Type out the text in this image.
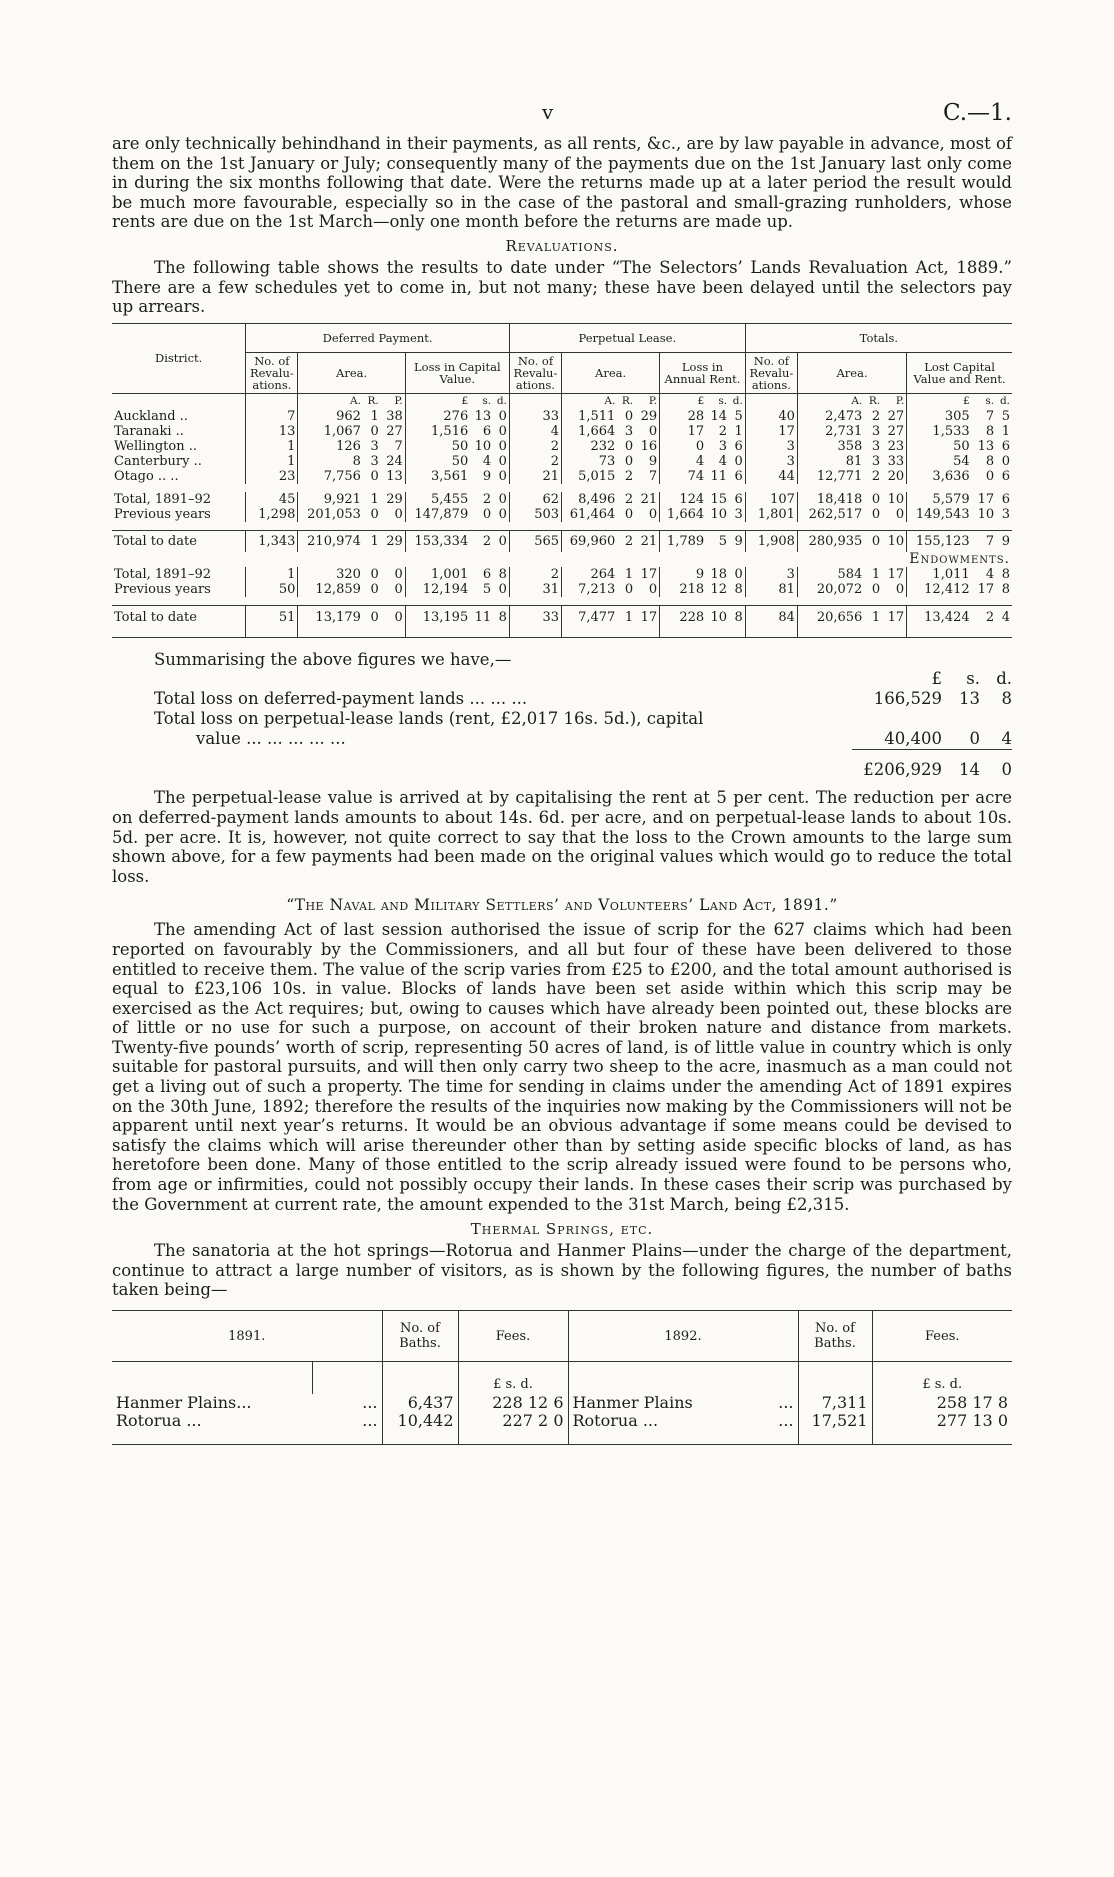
v	C.—1.

are only technically behindhand in their payments, as all rents, &c., are by law payable in advance, most of them on the 1st January or July; consequently many of the payments due on the 1st January last only come in during the six months following that date. Were the returns made up at a later period the result would be much more favourable, especially so in the case of the pastoral and small-grazing runholders, whose rents are due on the 1st March—only one month before the returns are made up.

Revaluations.

The following table shows the results to date under “The Selectors’ Lands Revaluation Act, 1889.” There are a few schedules yet to come in, but not many; these have been delayed until the selectors pay up arrears.

District.	Deferred Payment.							Perpetual Lease.							Totals.						
	No. of Revalu- ations.	Area.			Loss in Capital Value.			No. of Revalu- ations.	Area.			Loss in Annual Rent.			No. of Revalu- ations.	Area.			Lost Capital Value and Rent.		
		A.	R.	P.	£	s.	d.		A.	R.	P.	£	s.	d.		A.	R.	P.	£	s.	d.
Auckland ..	7	962	1	38	276	13	0	33	1,511	0	29	28	14	5	40	2,473	2	27	305	7	5
Taranaki ..	13	1,067	0	27	1,516	6	0	4	1,664	3	0	17	2	1	17	2,731	3	27	1,533	8	1
Wellington ..	1	126	3	7	50	10	0	2	232	0	16	0	3	6	3	358	3	23	50	13	6
Canterbury ..	1	8	3	24	50	4	0	2	73	0	9	4	4	0	3	81	3	33	54	8	0
Otago .. ..	23	7,756	0	13	3,561	9	0	21	5,015	2	7	74	11	6	44	12,771	2	20	3,636	0	6

Total, 1891–92	45	9,921	1	29	5,455	2	0	62	8,496	2	21	124	15	6	107	18,418	0	10	5,579	17	6
Previous years	1,298	201,053	0	0	147,879	0	0	503	61,464	0	0	1,664	10	3	1,801	262,517	0	0	149,543	10	3

Total to date	1,343	210,974	1	29	153,334	2	0	565	69,960	2	21	1,789	5	9	1,908	280,935	0	10	155,123	7	9
Endowments.																					
Total, 1891–92	1	320	0	0	1,001	6	8	2	264	1	17	9	18	0	3	584	1	17	1,011	4	8
Previous years	50	12,859	0	0	12,194	5	0	31	7,213	0	0	218	12	8	81	20,072	0	0	12,412	17	8

Total to date	51	13,179	0	0	13,195	11	8	33	7,477	1	17	228	10	8	84	20,656	1	17	13,424	2	4

Summarising the above figures we have,—

£	s. d.
Total loss on deferred-payment lands ... ... ...	166,529	13	8
Total loss on perpetual-lease lands (rent, £2,017 16s. 5d.), capital
value ... ... ... ... ...	40,400	0	4
£206,929	14	0

The perpetual-lease value is arrived at by capitalising the rent at 5 per cent. The reduction per acre on deferred-payment lands amounts to about 14s. 6d. per acre, and on perpetual-lease lands to about 10s. 5d. per acre. It is, however, not quite correct to say that the loss to the Crown amounts to the large sum shown above, for a few payments had been made on the original values which would go to reduce the total loss.

“The Naval and Military Settlers’ and Volunteers’ Land Act, 1891.”

The amending Act of last session authorised the issue of scrip for the 627 claims which had been reported on favourably by the Commissioners, and all but four of these have been delivered to those entitled to receive them. The value of the scrip varies from £25 to £200, and the total amount authorised is equal to £23,106 10s. in value. Blocks of lands have been set aside within which this scrip may be exercised as the Act requires; but, owing to causes which have already been pointed out, these blocks are of little or no use for such a purpose, on account of their broken nature and distance from markets. Twenty-five pounds’ worth of scrip, representing 50 acres of land, is of little value in country which is only suitable for pastoral pursuits, and will then only carry two sheep to the acre, inasmuch as a man could not get a living out of such a property. The time for sending in claims under the amending Act of 1891 expires on the 30th June, 1892; therefore the results of the inquiries now making by the Commissioners will not be apparent until next year’s returns. It would be an obvious advantage if some means could be devised to satisfy the claims which will arise thereunder other than by setting aside specific blocks of land, as has heretofore been done. Many of those entitled to the scrip already issued were found to be persons who, from age or infirmities, could not possibly occupy their lands. In these cases their scrip was purchased by the Government at current rate, the amount expended to the 31st March, being £2,315.

Thermal Springs, etc.

The sanatoria at the hot springs—Rotorua and Hanmer Plains—under the charge of the department, continue to attract a large number of visitors, as is shown by the following figures, the number of baths taken being—

1891.		No. of Baths.	Fees.	1892.	No. of Baths.	Fees.
			£ s. d.			£ s. d.
Hanmer Plains...	...	6,437	228 12 6	Hanmer Plains ...	7,311	258 17 8
Rotorua ...	...	10,442	227 2 0	Rotorua ... ...	17,521	277 13 0
